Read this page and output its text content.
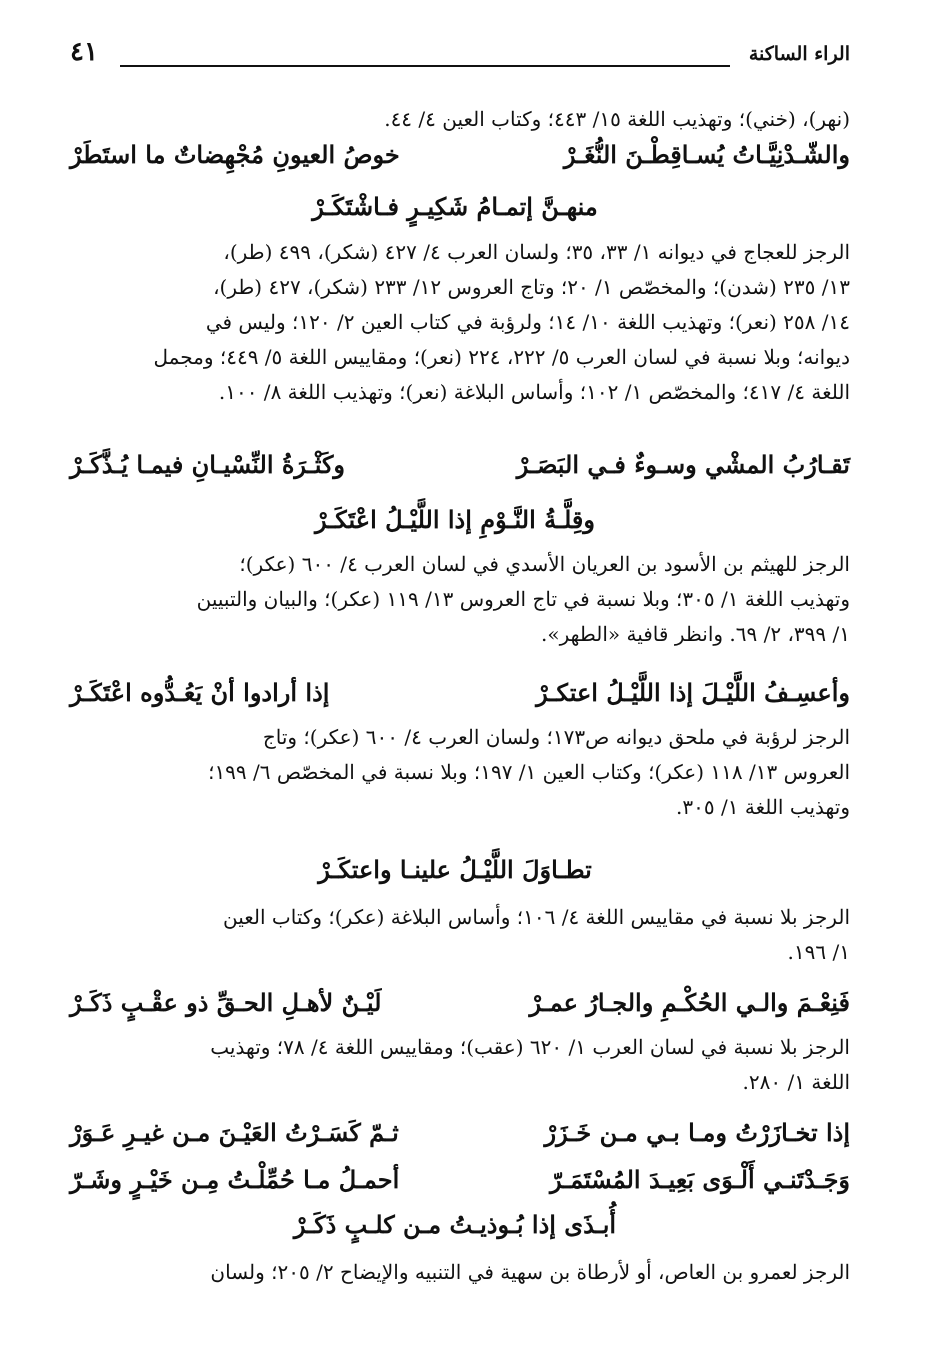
الراء الساكنة
٤١
(نهر)، (خني)؛ وتهذيب اللغة ١٥/ ٤٤٣؛ وكتاب العين ٤/ ٤٤.
والشّـدْنِيَّـاتُ يُسـاقِطْـنَ النُّغَـرْ
خوصُ العيونِ مُجْهِضاتٌ ما استَطَرْ
منهـنَّ إتمـامُ شَكِيـرٍ فـاشْتَكَـرْ
الرجز للعجاج في ديوانه ١/ ٣٣، ٣٥؛ ولسان العرب ٤/ ٤٢٧ (شكر)، ٤٩٩ (طر)،
١٣/ ٢٣٥ (شدن)؛ والمخصّص ١/ ٢٠؛ وتاج العروس ١٢/ ٢٣٣ (شكر)، ٤٢٧ (طر)،
١٤/ ٢٥٨ (نعر)؛ وتهذيب اللغة ١٠/ ١٤؛ ولرؤبة في كتاب العين ٢/ ١٢٠؛ وليس في
ديوانه؛ وبلا نسبة في لسان العرب ٥/ ٢٢٢، ٢٢٤ (نعر)؛ ومقاييس اللغة ٥/ ٤٤٩؛ ومجمل
اللغة ٤/ ٤١٧؛ والمخصّص ١/ ١٠٢؛ وأساس البلاغة (نعر)؛ وتهذيب اللغة ٨/ ١٠٠.
تَقـارُبُ المشْي وسـوءٌ فـي البَصَـرْ
وكَثْـرَةُ النِّسْيـانِ فيمـا يُـذَّكَـرْ
وقِلَّـةُ النَّـوْمِ إذا اللَّيْـلُ اعْتَكَـرْ
الرجز للهيثم بن الأسود بن العريان الأسدي في لسان العرب ٤/ ٦٠٠ (عكر)؛
وتهذيب اللغة ١/ ٣٠٥؛ وبلا نسبة في تاج العروس ١٣/ ١١٩ (عكر)؛ والبيان والتبيين
١/ ٣٩٩، ٢/ ٦٩. وانظر قافية «الطهر».
وأعسِـفُ اللَّيْـلَ إذا اللَّيْـلُ اعتكـرْ
إذا أرادوا أنْ يَعُـدُّوه اعْتَكَـرْ
الرجز لرؤبة في ملحق ديوانه ص١٧٣؛ ولسان العرب ٤/ ٦٠٠ (عكر)؛ وتاج
العروس ١٣/ ١١٨ (عكر)؛ وكتاب العين ١/ ١٩٧؛ وبلا نسبة في المخصّص ٦/ ١٩٩؛
وتهذيب اللغة ١/ ٣٠٥.
تطـاوَلَ اللَّيْـلُ علينـا واعتكَـرْ
الرجز بلا نسبة في مقاييس اللغة ٤/ ١٠٦؛ وأساس البلاغة (عكر)؛ وكتاب العين
١/ ١٩٦.
فَنِعْـمَ والـي الحُكْـمِ والجـارُ عمـرْ
لَيْـنٌ لأهـلِ الحـقِّ ذو عقْـبٍ ذَكَـرْ
الرجز بلا نسبة في لسان العرب ١/ ٦٢٠ (عقب)؛ ومقاييس اللغة ٤/ ٧٨؛ وتهذيب
اللغة ١/ ٢٨٠.
إذا تخـازَرْتُ ومـا بـي مـن خَـزَرْ
ثـمّ كَسَـرْتُ العَيْـنَ مـن غيـرِ عَـوَرْ
وَجَـدْتَنـي أَلْـوَى بَعِيـدَ المُسْتَمَـرّ
أحمـلُ مـا حُمِّلْـتُ مِـن خَيْـرٍ وشَـرّ
أُبـذَى إذا بُـوذيـتُ مـن كلـبٍ ذَكَـرْ
الرجز لعمرو بن العاص، أو لأرطاة بن سهية في التنبيه والإيضاح ٢/ ٢٠٥؛ ولسان
